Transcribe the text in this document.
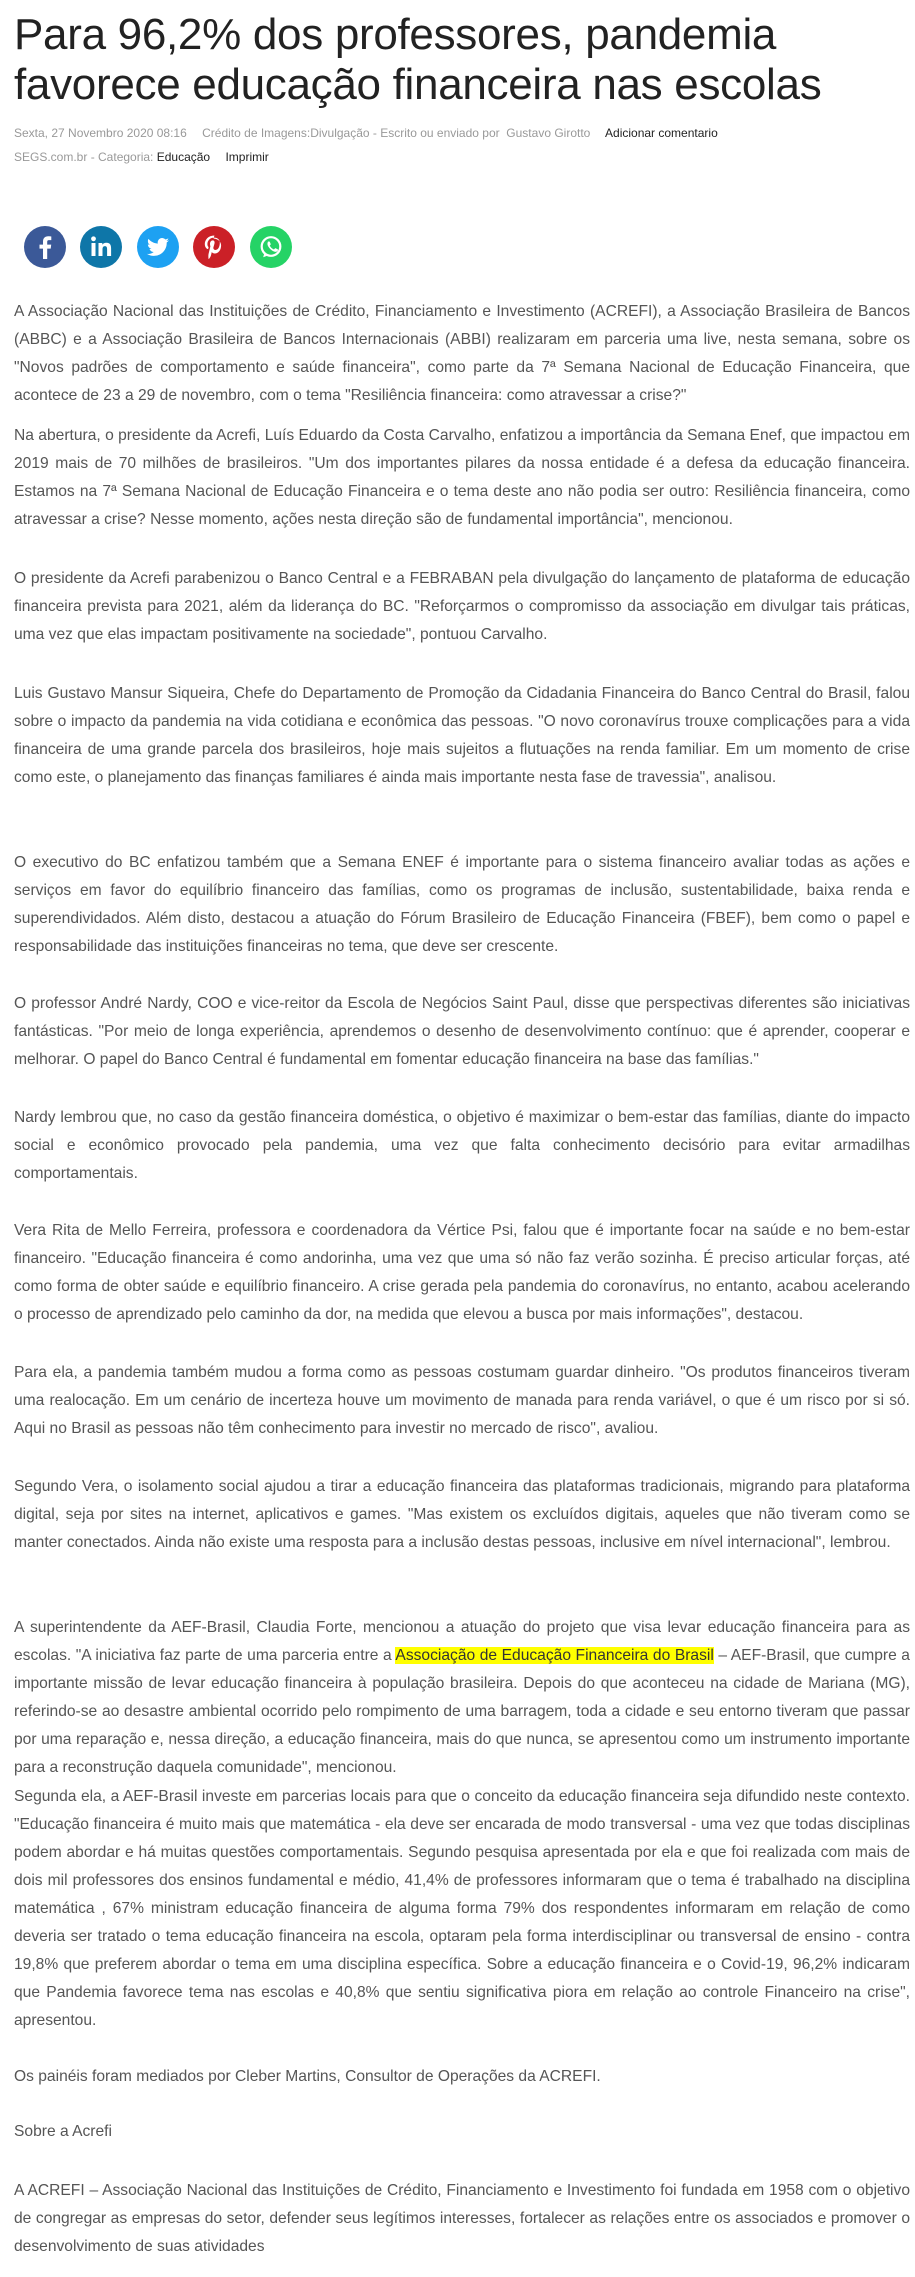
Para 96,2% dos professores, pandemia favorece educação financeira nas escolas
Sexta, 27 Novembro 2020 08:16 Crédito de Imagens:Divulgação - Escrito ou enviado por Gustavo Girotto Adicionar comentario
SEGS.com.br - Categoria: Educação Imprimir

A Associação Nacional das Instituições de Crédito, Financiamento e Investimento (ACREFI), a Associação Brasileira de Bancos (ABBC) e a Associação Brasileira de Bancos Internacionais (ABBI) realizaram em parceria uma live, nesta semana, sobre os "Novos padrões de comportamento e saúde financeira", como parte da 7ª Semana Nacional de Educação Financeira, que acontece de 23 a 29 de novembro, com o tema "Resiliência financeira: como atravessar a crise?"

Na abertura, o presidente da Acrefi, Luís Eduardo da Costa Carvalho, enfatizou a importância da Semana Enef, que impactou em 2019 mais de 70 milhões de brasileiros. "Um dos importantes pilares da nossa entidade é a defesa da educação financeira. Estamos na 7ª Semana Nacional de Educação Financeira e o tema deste ano não podia ser outro: Resiliência financeira, como atravessar a crise? Nesse momento, ações nesta direção são de fundamental importância", mencionou.

O presidente da Acrefi parabenizou o Banco Central e a FEBRABAN pela divulgação do lançamento de plataforma de educação financeira prevista para 2021, além da liderança do BC. "Reforçarmos o compromisso da associação em divulgar tais práticas, uma vez que elas impactam positivamente na sociedade", pontuou Carvalho.

Luis Gustavo Mansur Siqueira, Chefe do Departamento de Promoção da Cidadania Financeira do Banco Central do Brasil, falou sobre o impacto da pandemia na vida cotidiana e econômica das pessoas. "O novo coronavírus trouxe complicações para a vida financeira de uma grande parcela dos brasileiros, hoje mais sujeitos a flutuações na renda familiar. Em um momento de crise como este, o planejamento das finanças familiares é ainda mais importante nesta fase de travessia", analisou.

O executivo do BC enfatizou também que a Semana ENEF é importante para o sistema financeiro avaliar todas as ações e serviços em favor do equilíbrio financeiro das famílias, como os programas de inclusão, sustentabilidade, baixa renda e superendividados. Além disto, destacou a atuação do Fórum Brasileiro de Educação Financeira (FBEF), bem como o papel e responsabilidade das instituições financeiras no tema, que deve ser crescente.

O professor André Nardy, COO e vice-reitor da Escola de Negócios Saint Paul, disse que perspectivas diferentes são iniciativas fantásticas. "Por meio de longa experiência, aprendemos o desenho de desenvolvimento contínuo: que é aprender, cooperar e melhorar. O papel do Banco Central é fundamental em fomentar educação financeira na base das famílias."

Nardy lembrou que, no caso da gestão financeira doméstica, o objetivo é maximizar o bem-estar das famílias, diante do impacto social e econômico provocado pela pandemia, uma vez que falta conhecimento decisório para evitar armadilhas comportamentais.

Vera Rita de Mello Ferreira, professora e coordenadora da Vértice Psi, falou que é importante focar na saúde e no bem-estar financeiro. "Educação financeira é como andorinha, uma vez que uma só não faz verão sozinha. É preciso articular forças, até como forma de obter saúde e equilíbrio financeiro. A crise gerada pela pandemia do coronavírus, no entanto, acabou acelerando o processo de aprendizado pelo caminho da dor, na medida que elevou a busca por mais informações", destacou.

Para ela, a pandemia também mudou a forma como as pessoas costumam guardar dinheiro. "Os produtos financeiros tiveram uma realocação. Em um cenário de incerteza houve um movimento de manada para renda variável, o que é um risco por si só. Aqui no Brasil as pessoas não têm conhecimento para investir no mercado de risco", avaliou.

Segundo Vera, o isolamento social ajudou a tirar a educação financeira das plataformas tradicionais, migrando para plataforma digital, seja por sites na internet, aplicativos e games. "Mas existem os excluídos digitais, aqueles que não tiveram como se manter conectados. Ainda não existe uma resposta para a inclusão destas pessoas, inclusive em nível internacional", lembrou.

A superintendente da AEF-Brasil, Claudia Forte, mencionou a atuação do projeto que visa levar educação financeira para as escolas. "A iniciativa faz parte de uma parceria entre a Associação de Educação Financeira do Brasil – AEF-Brasil, que cumpre a importante missão de levar educação financeira à população brasileira. Depois do que aconteceu na cidade de Mariana (MG), referindo-se ao desastre ambiental ocorrido pelo rompimento de uma barragem, toda a cidade e seu entorno tiveram que passar por uma reparação e, nessa direção, a educação financeira, mais do que nunca, se apresentou como um instrumento importante para a reconstrução daquela comunidade", mencionou.

Segunda ela, a AEF-Brasil investe em parcerias locais para que o conceito da educação financeira seja difundido neste contexto. "Educação financeira é muito mais que matemática - ela deve ser encarada de modo transversal - uma vez que todas disciplinas podem abordar e há muitas questões comportamentais. Segundo pesquisa apresentada por ela e que foi realizada com mais de dois mil professores dos ensinos fundamental e médio, 41,4% de professores informaram que o tema é trabalhado na disciplina matemática , 67% ministram educação financeira de alguma forma 79% dos respondentes informaram em relação de como deveria ser tratado o tema educação financeira na escola, optaram pela forma interdisciplinar ou transversal de ensino - contra 19,8% que preferem abordar o tema em uma disciplina específica. Sobre a educação financeira e o Covid-19, 96,2% indicaram que Pandemia favorece tema nas escolas e 40,8% que sentiu significativa piora em relação ao controle Financeiro na crise", apresentou.

Os painéis foram mediados por Cleber Martins, Consultor de Operações da ACREFI.

Sobre a Acrefi

A ACREFI – Associação Nacional das Instituições de Crédito, Financiamento e Investimento foi fundada em 1958 com o objetivo de congregar as empresas do setor, defender seus legítimos interesses, fortalecer as relações entre os associados e promover o desenvolvimento de suas atividades
